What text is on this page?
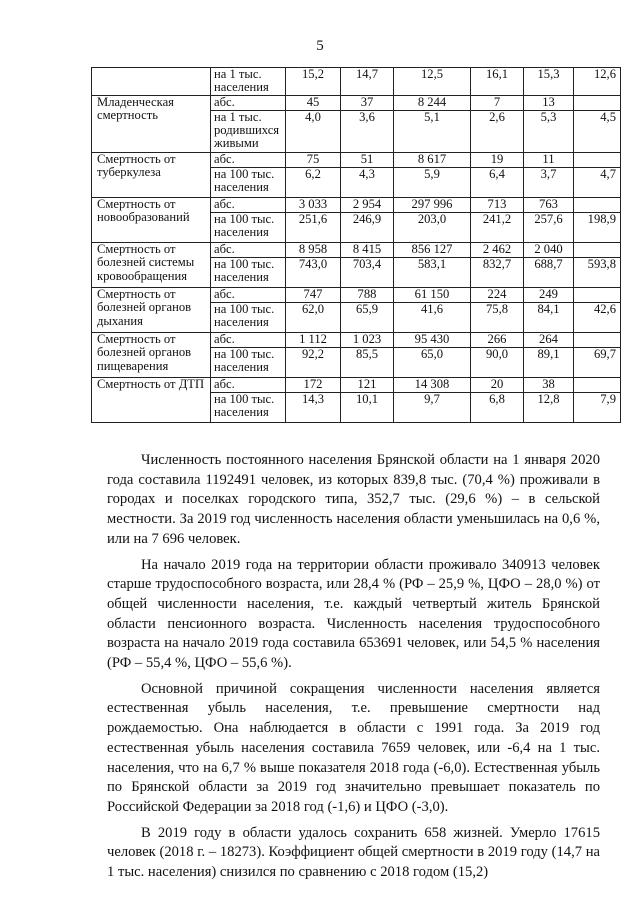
5
	на 1 тыс. населения	15,2	14,7	12,5	16,1	15,3	12,6
Младенческая смертность	абс.	45	37	8 244	7	13	
	на 1 тыс. родившихся живыми	4,0	3,6	5,1	2,6	5,3	4,5
Смертность от туберкулеза	абс.	75	51	8 617	19	11	
	на 100 тыс. населения	6,2	4,3	5,9	6,4	3,7	4,7
Смертность от новообразований	абс.	3 033	2 954	297 996	713	763	
	на 100 тыс. населения	251,6	246,9	203,0	241,2	257,6	198,9
Смертность от болезней системы кровообращения	абс.	8 958	8 415	856 127	2 462	2 040	
	на 100 тыс. населения	743,0	703,4	583,1	832,7	688,7	593,8
Смертность от болезней органов дыхания	абс.	747	788	61 150	224	249	
	на 100 тыс. населения	62,0	65,9	41,6	75,8	84,1	42,6
Смертность от болезней органов пищеварения	абс.	1 112	1 023	95 430	266	264	
	на 100 тыс. населения	92,2	85,5	65,0	90,0	89,1	69,7
Смертность от ДТП	абс.	172	121	14 308	20	38	
	на 100 тыс. населения	14,3	10,1	9,7	6,8	12,8	7,9

Численность постоянного населения Брянской области на 1 января 2020 года составила 1192491 человек, из которых 839,8 тыс. (70,4 %) проживали в городах и поселках городского типа, 352,7 тыс. (29,6 %) – в сельской местности. За 2019 год численность населения области уменьшилась на 0,6 %, или на 7 696 человек.

На начало 2019 года на территории области проживало 340913 человек старше трудоспособного возраста, или 28,4 % (РФ – 25,9 %, ЦФО – 28,0 %) от общей численности населения, т.е. каждый четвертый житель Брянской области пенсионного возраста. Численность населения трудоспособного возраста на начало 2019 года составила 653691 человек, или 54,5 % населения (РФ – 55,4 %, ЦФО – 55,6 %).

Основной причиной сокращения численности населения является естественная убыль населения, т.е. превышение смертности над рождаемостью. Она наблюдается в области с 1991 года. За 2019 год естественная убыль населения составила 7659 человек, или -6,4 на 1 тыс. населения, что на 6,7 % выше показателя 2018 года (-6,0). Естественная убыль по Брянской области за 2019 год значительно превышает показатель по Российской Федерации за 2018 год (-1,6) и ЦФО (-3,0).

В 2019 году в области удалось сохранить 658 жизней. Умерло 17615 человек (2018 г. – 18273). Коэффициент общей смертности в 2019 году (14,7 на 1 тыс. населения) снизился по сравнению с 2018 годом (15,2)
